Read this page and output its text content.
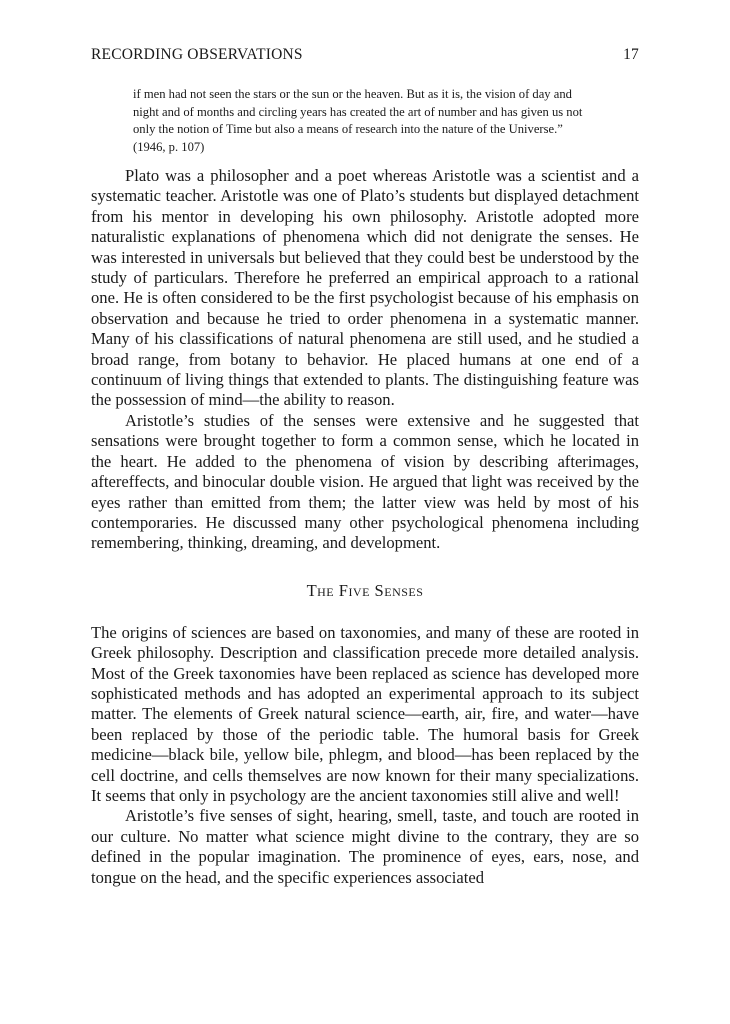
RECORDING OBSERVATIONS	17
if men had not seen the stars or the sun or the heaven. But as it is, the vision of day and night and of months and circling years has created the art of number and has given us not only the notion of Time but also a means of research into the nature of the Universe.” (1946, p. 107)

Plato was a philosopher and a poet whereas Aristotle was a scientist and a systematic teacher. Aristotle was one of Plato’s students but displayed detachment from his mentor in developing his own philosophy. Aristotle adopted more naturalistic explanations of phenomena which did not denigrate the senses. He was interested in universals but believed that they could best be understood by the study of particulars. Therefore he preferred an empirical approach to a rational one. He is often considered to be the first psychologist because of his emphasis on observation and because he tried to order phenomena in a systematic manner. Many of his classifications of natural phenomena are still used, and he studied a broad range, from botany to behavior. He placed humans at one end of a continuum of living things that extended to plants. The distinguishing feature was the possession of mind—the ability to reason.

Aristotle’s studies of the senses were extensive and he suggested that sensations were brought together to form a common sense, which he located in the heart. He added to the phenomena of vision by describing afterimages, aftereffects, and binocular double vision. He argued that light was received by the eyes rather than emitted from them; the latter view was held by most of his contemporaries. He discussed many other psychological phenomena including remembering, thinking, dreaming, and development.

The Five Senses

The origins of sciences are based on taxonomies, and many of these are rooted in Greek philosophy. Description and classification precede more detailed analysis. Most of the Greek taxonomies have been replaced as science has developed more sophisticated methods and has adopted an experimental approach to its subject matter. The elements of Greek natural science—earth, air, fire, and water—have been replaced by those of the periodic table. The humoral basis for Greek medicine—black bile, yellow bile, phlegm, and blood—has been replaced by the cell doctrine, and cells themselves are now known for their many specializations. It seems that only in psychology are the ancient taxonomies still alive and well!

Aristotle’s five senses of sight, hearing, smell, taste, and touch are rooted in our culture. No matter what science might divine to the contrary, they are so defined in the popular imagination. The prominence of eyes, ears, nose, and tongue on the head, and the specific experiences associated
